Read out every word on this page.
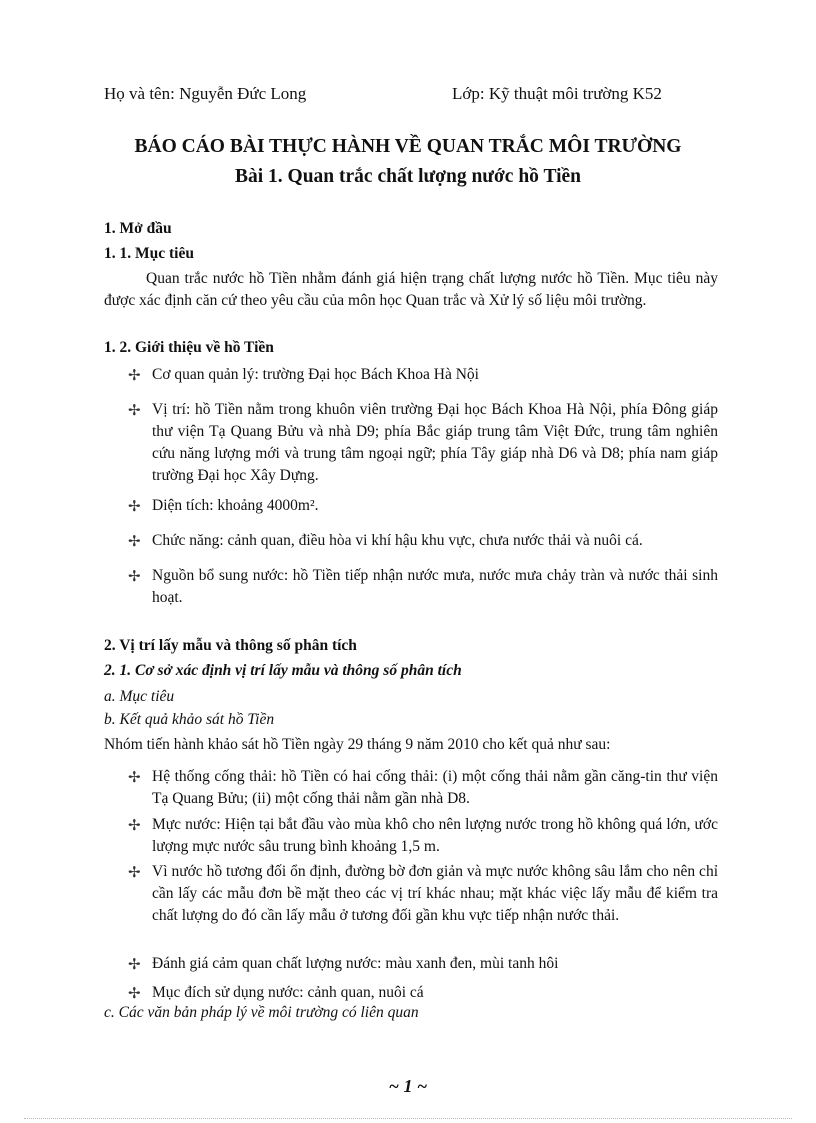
Họ và tên: Nguyễn Đức Long	Lớp: Kỹ thuật môi trường K52
BÁO CÁO BÀI THỰC HÀNH VỀ QUAN TRẮC MÔI TRƯỜNG
Bài 1. Quan trắc chất lượng nước hồ Tiền
1. Mở đầu
1. 1. Mục tiêu
Quan trắc nước hồ Tiền nhằm đánh giá hiện trạng chất lượng nước hồ Tiền. Mục tiêu này được xác định căn cứ theo yêu cầu của môn học Quan trắc và Xử lý số liệu môi trường.
1. 2. Giới thiệu về hồ Tiền
✢ Cơ quan quản lý: trường Đại học Bách Khoa Hà Nội
✢ Vị trí: hồ Tiền nằm trong khuôn viên trường Đại học Bách Khoa Hà Nội, phía Đông giáp thư viện Tạ Quang Bửu và nhà D9; phía Bắc giáp trung tâm Việt Đức, trung tâm nghiên cứu năng lượng mới và trung tâm ngoại ngữ; phía Tây giáp nhà D6 và D8; phía nam giáp trường Đại học Xây Dựng.
✢ Diện tích: khoảng 4000m².
✢ Chức năng: cảnh quan, điều hòa vi khí hậu khu vực, chưa nước thải và nuôi cá.
✢ Nguồn bổ sung nước: hồ Tiền tiếp nhận nước mưa, nước mưa chảy tràn và nước thải sinh hoạt.
2. Vị trí lấy mẫu và thông số phân tích
2. 1. Cơ sở xác định vị trí lấy mẫu và thông số phân tích
a. Mục tiêu
b. Kết quả khảo sát hồ Tiền
Nhóm tiến hành khảo sát hồ Tiền ngày 29 tháng 9 năm 2010 cho kết quả như sau:
✢ Hệ thống cống thải: hồ Tiền có hai cống thải: (i) một cống thải nằm gần căng-tin thư viện Tạ Quang Bửu; (ii) một cống thải nằm gần nhà D8.
✢ Mực nước: Hiện tại bắt đầu vào mùa khô cho nên lượng nước trong hồ không quá lớn, ước lượng mực nước sâu trung bình khoảng 1,5 m.
✢ Vì nước hồ tương đối ổn định, đường bờ đơn giản và mực nước không sâu lắm cho nên chỉ cần lấy các mẫu đơn bề mặt theo các vị trí khác nhau; mặt khác việc lấy mẫu để kiểm tra chất lượng do đó cần lấy mẫu ở tương đối gần khu vực tiếp nhận nước thải.
✢ Đánh giá cảm quan chất lượng nước: màu xanh đen, mùi tanh hôi
✢ Mục đích sử dụng nước: cảnh quan, nuôi cá
c. Các văn bản pháp lý về môi trường có liên quan
~ 1 ~
